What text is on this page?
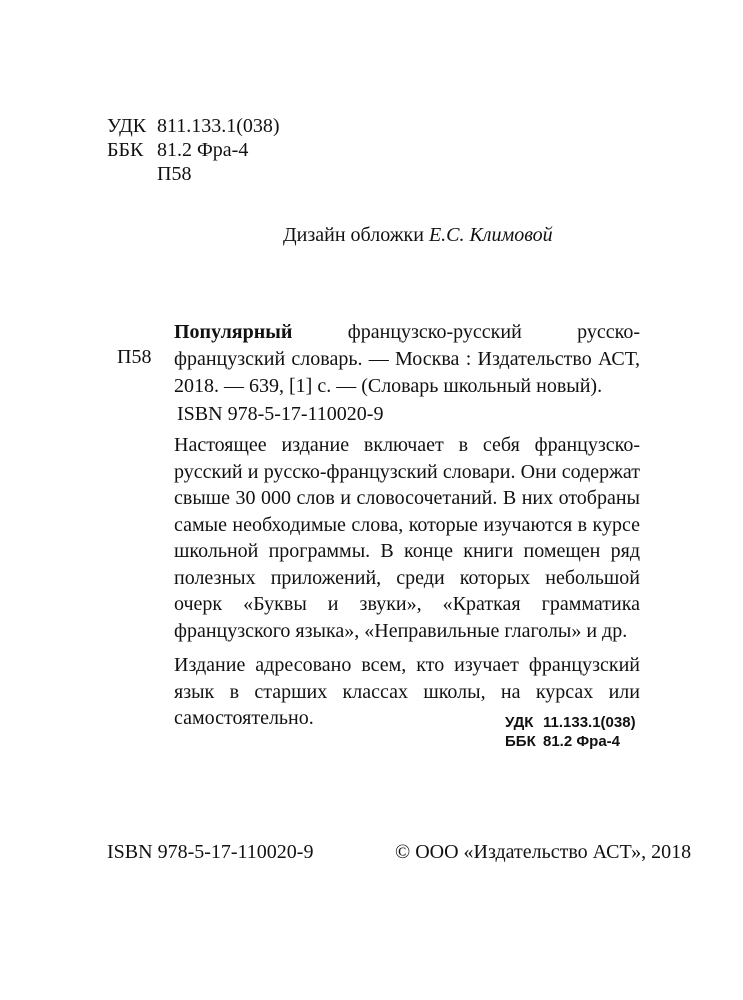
УДК 811.133.1(038)
ББК 81.2 Фра-4
П58
Дизайн обложки Е.С. Климовой
П58
Популярный французско-русский русско-французский словарь. — Москва : Издательство АСТ, 2018. — 639, [1] с. — (Словарь школьный новый).
ISBN 978-5-17-110020-9

Настоящее издание включает в себя французско-русский и русско-французский словари. Они содержат свыше 30 000 слов и словосочетаний. В них отобраны самые необходимые слова, которые изучаются в курсе школьной программы. В конце книги помещен ряд полезных приложений, среди которых небольшой очерк «Буквы и звуки», «Краткая грамматика французского языка», «Неправильные глаголы» и др.

Издание адресовано всем, кто изучает французский язык в старших классах школы, на курсах или самостоятельно.	УДК 11.133.1(038)
ББК 81.2 Фра-4
ISBN 978-5-17-110020-9	© ООО «Издательство АСТ», 2018
